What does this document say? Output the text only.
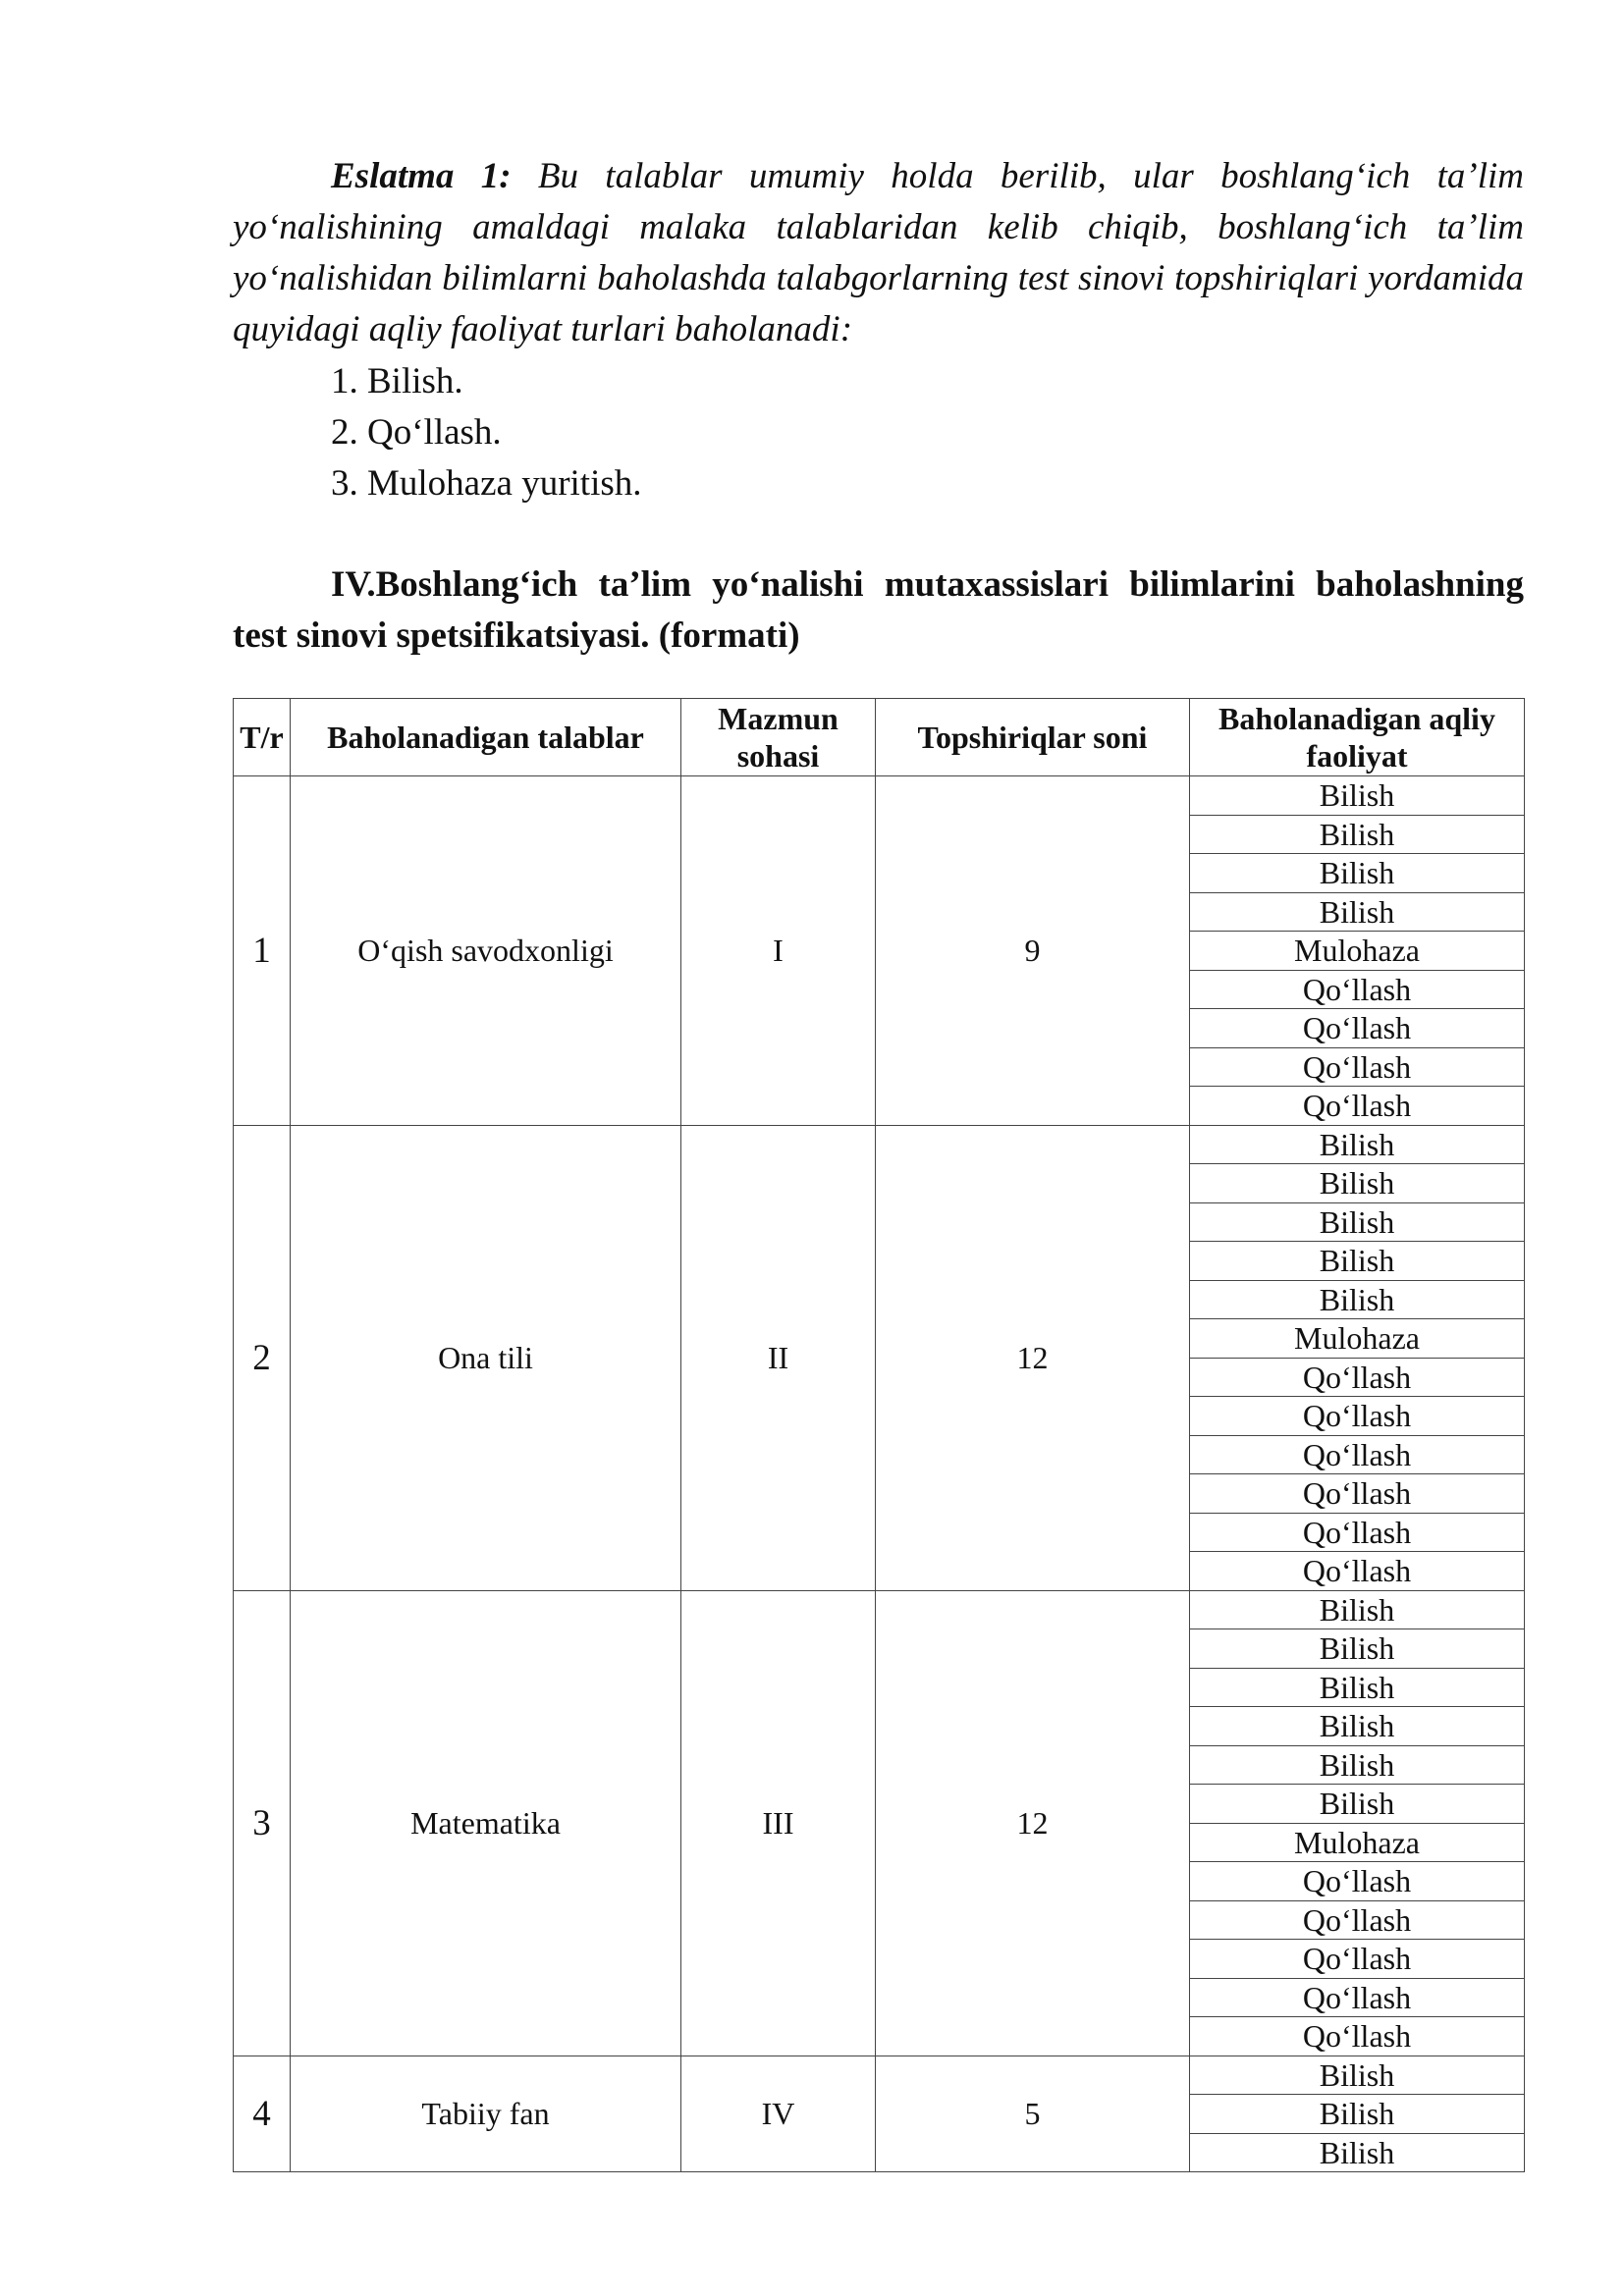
Eslatma 1: Bu talablar umumiy holda berilib, ular boshlang‘ich ta’lim yo‘nalishining amaldagi malaka talablaridan kelib chiqib, boshlang‘ich ta’lim yo‘nalishidan bilimlarni baholashda talabgorlarning test sinovi topshiriqlari yordamida quyidagi aqliy faoliyat turlari baholanadi:

1. Bilish.
2. Qo‘llash.
3. Mulohaza yuritish.

IV.Boshlang‘ich ta’lim yo‘nalishi mutaxassislari bilimlarini baholashning test sinovi spetsifikatsiyasi. (formati)

T/r	Baholanadigan talablar	Mazmun sohasi	Topshiriqlar soni	Baholanadigan aqliy faoliyat
1	O‘qish savodxonligi	I	9	Bilish
				Bilish
				Bilish
				Bilish
				Mulohaza
				Qo‘llash
				Qo‘llash
				Qo‘llash
				Qo‘llash
2	Ona tili	II	12	Bilish
				Bilish
				Bilish
				Bilish
				Bilish
				Mulohaza
				Qo‘llash
				Qo‘llash
				Qo‘llash
				Qo‘llash
				Qo‘llash
				Qo‘llash
3	Matematika	III	12	Bilish
				Bilish
				Bilish
				Bilish
				Bilish
				Bilish
				Mulohaza
				Qo‘llash
				Qo‘llash
				Qo‘llash
				Qo‘llash
				Qo‘llash
4	Tabiiy fan	IV	5	Bilish
				Bilish
				Bilish
